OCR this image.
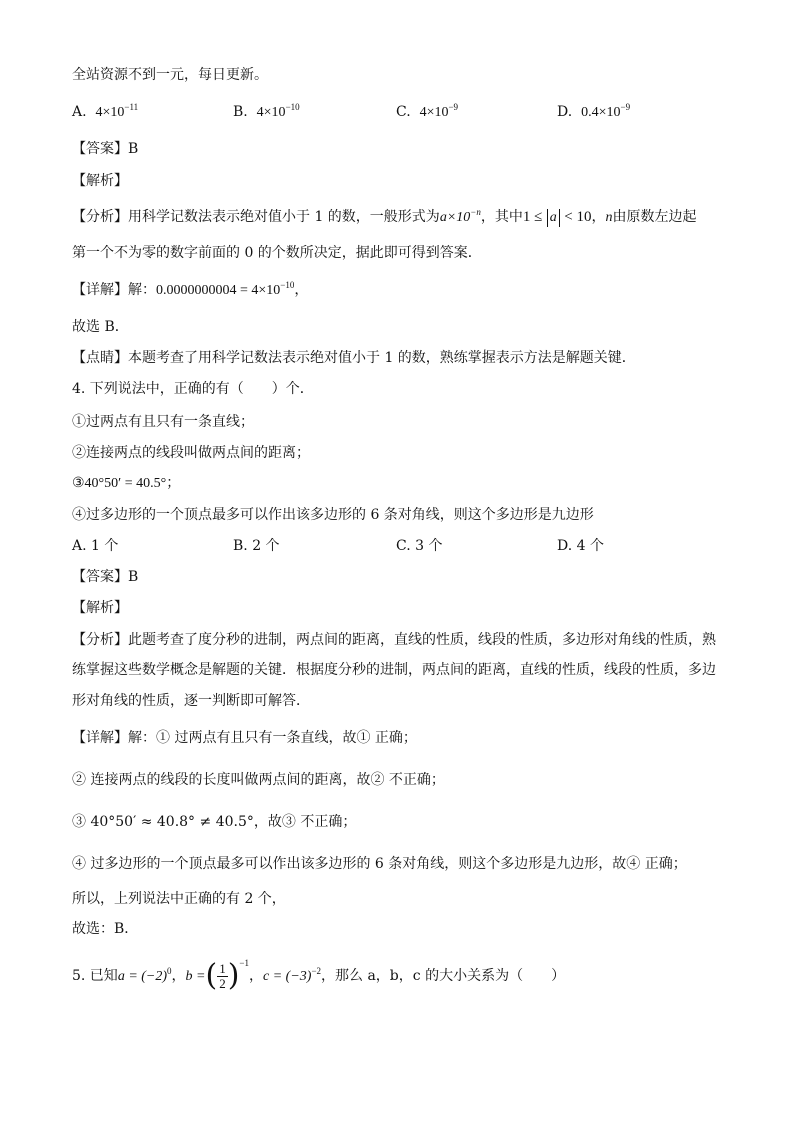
全站资源不到一元，每日更新。
A. $4\times 10^{-11}$	B. $4\times 10^{-10}$	C. $4\times 10^{-9}$	D. $0.4\times 10^{-9}$
【答案】B
【解析】
【分析】用科学记数法表示绝对值小于 1 的数，一般形式为$a\times 10^{-n}$，其中1 ≤ a < 10，n由原数左边起
第一个不为零的数字前面的 0 的个数所决定，据此即可得到答案．
【详解】解：$0.0000000004 = 4\times 10^{-10}$，
故选 B．
【点睛】本题考查了用科学记数法表示绝对值小于 1 的数，熟练掌握表示方法是解题关键．
4. 下列说法中，正确的有（　　）个．
①过两点有且只有一条直线；
②连接两点的线段叫做两点间的距离；
③40°50′ = 40.5°；
④过多边形的一个顶点最多可以作出该多边形的 6 条对角线，则这个多边形是九边形
A. 1 个	B. 2 个	C. 3 个	D. 4 个
【答案】B
【解析】
【分析】此题考查了度分秒的进制，两点间的距离，直线的性质，线段的性质，多边形对角线的性质，熟
练掌握这些数学概念是解题的关键．根据度分秒的进制，两点间的距离，直线的性质，线段的性质，多边
形对角线的性质，逐一判断即可解答．
【详解】解：① 过两点有且只有一条直线，故① 正确；
② 连接两点的线段的长度叫做两点间的距离，故② 不正确；
③ 40°50′ ≈ 40.8° ≠ 40.5°，故③ 不正确；
④ 过多边形的一个顶点最多可以作出该多边形的 6 条对角线，则这个多边形是九边形，故④ 正确；
所以，上列说法中正确的有 2 个，
故选：B．
5. 已知$a = (-2)^0$，b =( $\frac{1}{2} )^{-1}$，$c = (-3)^{-2}$，那么 a，b，c 的大小关系为（　　）
